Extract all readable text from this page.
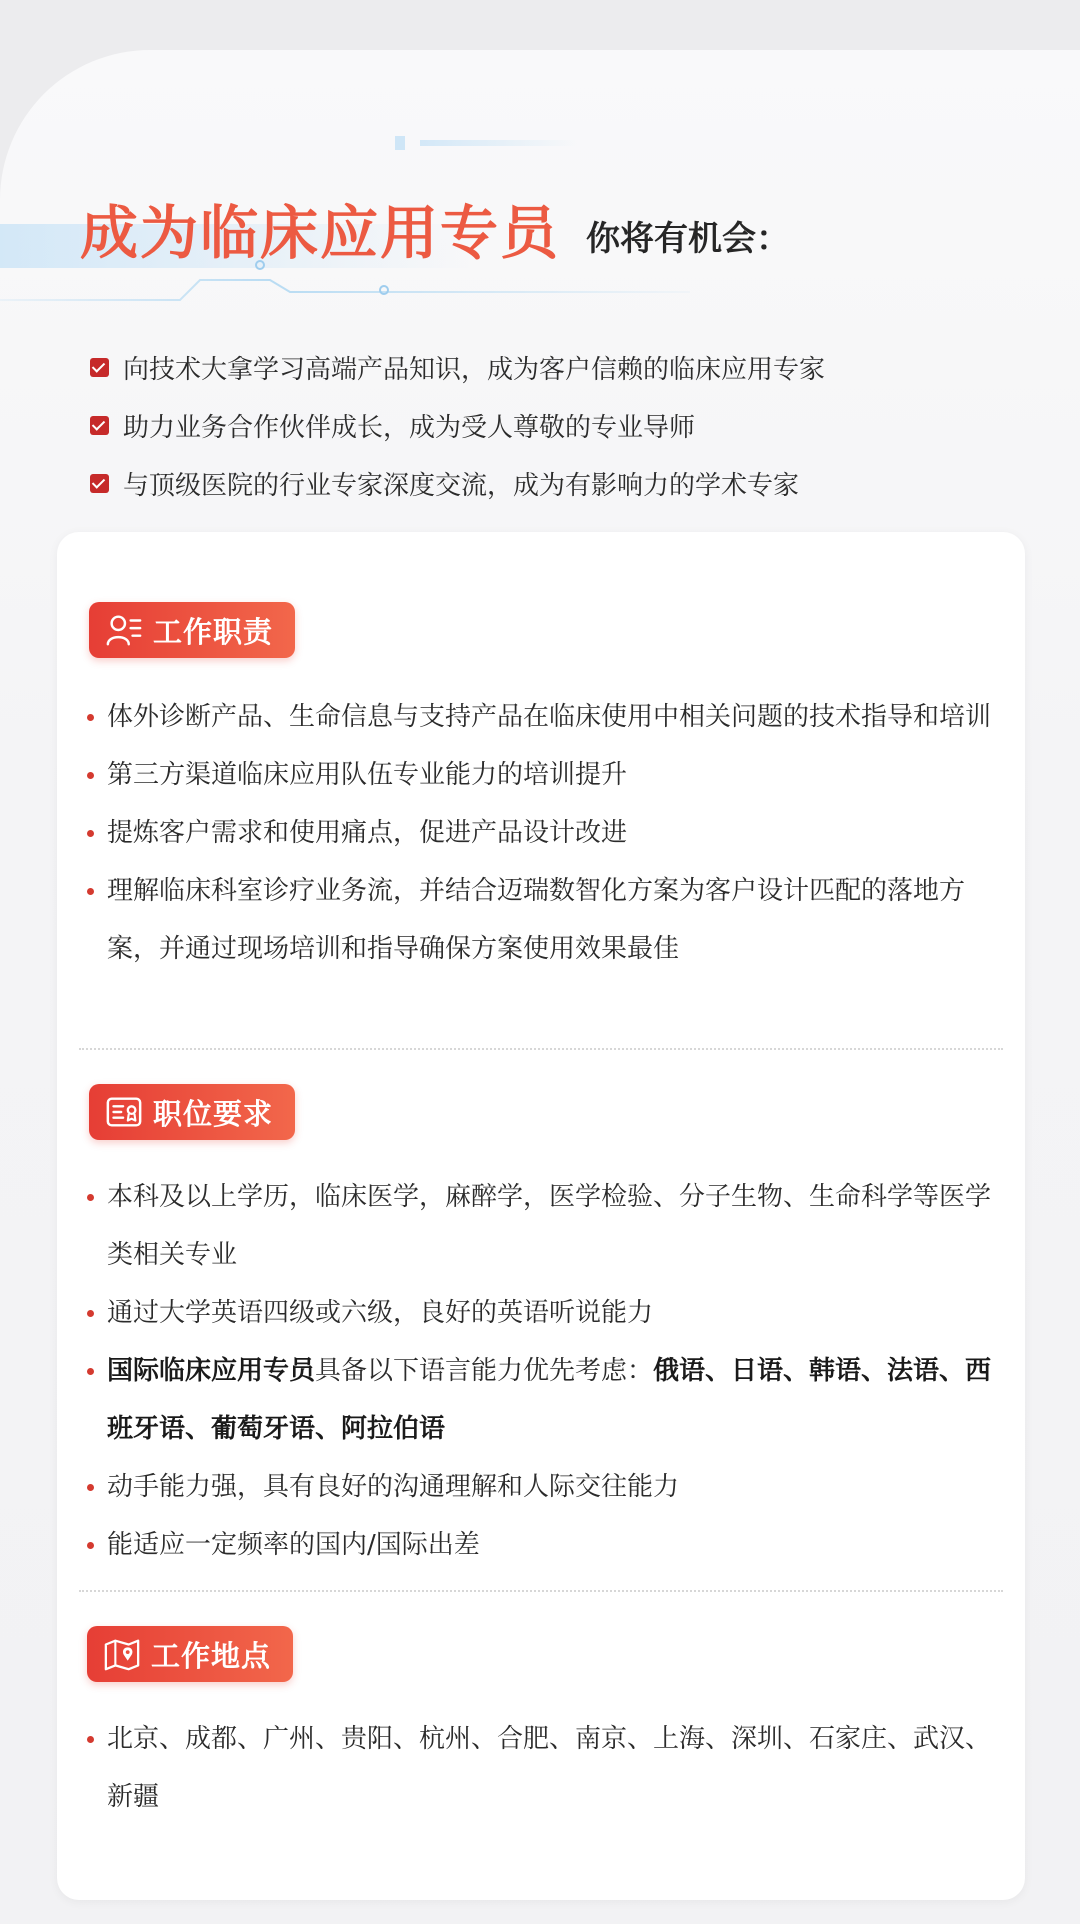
成为临床应用专员 你将有机会：
向技术大拿学习高端产品知识，成为客户信赖的临床应用专家
助力业务合作伙伴成长，成为受人尊敬的专业导师
与顶级医院的行业专家深度交流，成为有影响力的学术专家
工作职责
体外诊断产品、生命信息与支持产品在临床使用中相关问题的技术指导和培训
第三方渠道临床应用队伍专业能力的培训提升
提炼客户需求和使用痛点，促进产品设计改进
理解临床科室诊疗业务流，并结合迈瑞数智化方案为客户设计匹配的落地方案，并通过现场培训和指导确保方案使用效果最佳
职位要求
本科及以上学历，临床医学，麻醉学，医学检验、分子生物、生命科学等医学类相关专业
通过大学英语四级或六级，良好的英语听说能力
国际临床应用专员具备以下语言能力优先考虑：俄语、日语、韩语、法语、西班牙语、葡萄牙语、阿拉伯语
动手能力强，具有良好的沟通理解和人际交往能力
能适应一定频率的国内/国际出差
工作地点
北京、成都、广州、贵阳、杭州、合肥、南京、上海、深圳、石家庄、武汉、新疆
